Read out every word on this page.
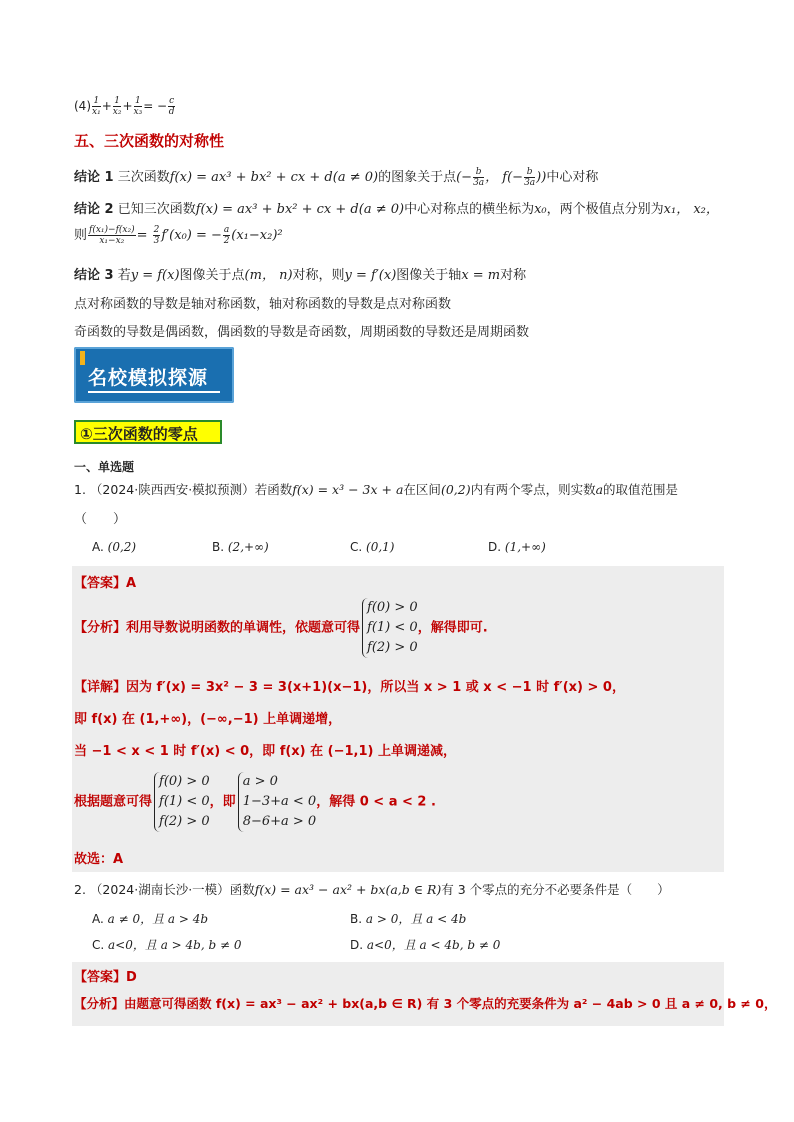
$(4) \frac{1}{\text{x₁}} + \frac{1}{\text{x₂}} + \frac{1}{\text{x₃}}$ = − $\frac{c}{d}$
五、三次函数的对称性
结论 1 三次函数f(x) = ax³ + bx² + cx + d(a ≠ 0)的图象关于点(− $\frac{b}{3a}$ ， $f(- \frac{b}{3a}$ ))中心对称
结论 2 已知三次函数f(x) = ax³ + bx² + cx + d(a ≠ 0)中心对称点的横坐标为x₀，两个极值点分别为x₁， x₂，
则 $\frac{\text{f(x₁)−f(x₂)}}{\text{x₁−x₂}} = \frac{2}{3} f'(x_0)$ = − $\frac{a}{2} (x_1-x_2)^2$
结论 3 若y = f(x)图像关于点(m， n)对称，则y = f′(x)图像关于轴x = m对称
点对称函数的导数是轴对称函数，轴对称函数的导数是点对称函数
奇函数的导数是偶函数，偶函数的导数是奇函数，周期函数的导数还是周期函数
名校模拟探源
①三次函数的零点
一、单选题
1. （2024·陕西西安·模拟预测）若函数f(x) = x³ − 3x + a在区间(0,2)内有两个零点，则实数a的取值范围是
（　　）
A. (0,2)	B. (2,+∞)	C. (0,1)	D. (1,+∞)
【答案】A
【分析】利用导数说明函数的单调性，依题意可得
f(0) > 0
f(1) < 0
f(2) > 0
，解得即可.
【详解】因为 f′(x) = 3x² − 3 = 3(x+1)(x−1)，所以当 x > 1 或 x < −1 时 f′(x) > 0，
即 f(x) 在 (1,+∞)，(−∞,−1) 上单调递增，
当 −1 < x < 1 时 f′(x) < 0，即 f(x) 在 (−1,1) 上单调递减，
根据题意可得
f(0) > 0
f(1) < 0
f(2) > 0
，即
a > 0
1−3+a < 0
8−6+a > 0
，解得 0 < a < 2 .
故选：A
2. （2024·湖南长沙·一模）函数f(x) = ax³ − ax² + bx(a,b ∈ R)有 3 个零点的充分不必要条件是（　　）
A. a ≠ 0，且 a > 4b	B. a > 0，且 a < 4b
C. a<0，且 a > 4b, b ≠ 0	D. a<0，且 a < 4b, b ≠ 0
【答案】D
【分析】由题意可得函数 f(x) = ax³ − ax² + bx(a,b ∈ R) 有 3 个零点的充要条件为 a² − 4ab > 0 且 a ≠ 0, b ≠ 0，
